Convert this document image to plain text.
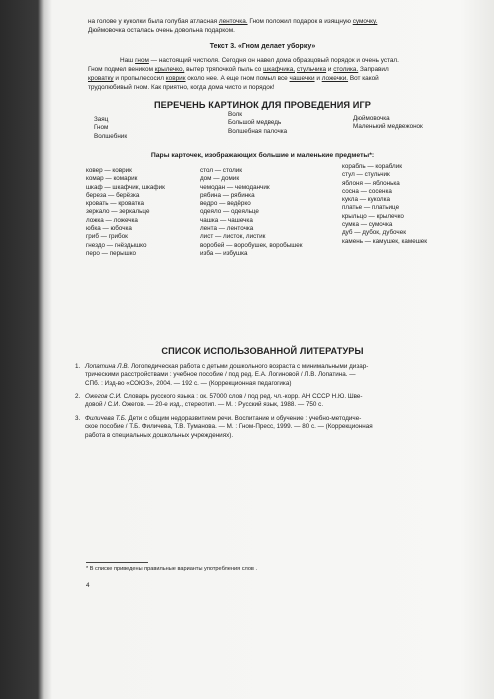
на голове у куколки была голубая атласная ленточка. Гном положил подарок в изящную сумочку.
Дюймовочка осталась очень довольна подарком.
Текст 3. «Гном делает уборку»
Наш гном — настоящий чистюля. Сегодня он навел дома образцовый порядок и очень устал.
Гном подмел веником крылечко, вытер тряпочкой пыль со шкафчика, стульчика и столика. Заправил
кроватку и пропылесосил коврик около нее. А еще гном помыл все чашечки и ложечки. Вот какой
трудолюбивый гном. Как приятно, когда дома чисто и порядок!
ПЕРЕЧЕНЬ КАРТИНОК ДЛЯ ПРОВЕДЕНИЯ ИГР
Заяц
Гном
Волшебник
Волк
Большой медведь
Волшебная палочка
Дюймовочка
Маленький медвежонок
Пары карточек, изображающих большие и маленькие предметы*:
ковер — коврик
комар — комарик
шкаф — шкафчик, шкафик
береза — берёзка
кровать — кроватка
зеркало — зеркальце
ложка — ложечка
юбка — юбочка
гриб — грибок
гнездо — гнёздышко
перо — перышко
стол — столик
дом — домик
чемодан — чемоданчик
рябина — рябинка
ведро — ведёрко
одеяло — одеяльце
чашка — чашечка
лента — ленточка
лист — листок, листик
воробей — воробушек, воробышек
изба — избушка
корабль — кораблик
стул — стульчик
яблоня — яблонька
сосна — сосенка
кукла — куколка
платье — платьице
крыльцо — крылечко
сумка — сумочка
дуб — дубок, дубочек
камень — камушек, камешек
СПИСОК ИСПОЛЬЗОВАННОЙ ЛИТЕРАТУРЫ
1. Лопатина Л.В. Логопедическая работа с детьми дошкольного возраста с минимальными дизар-
трическими расстройствами : учебное пособие / под ред. Е.А. Логиновой / Л.В. Лопатина. —
СПб. : Изд-во «СОЮЗ», 2004. — 192 с. — (Коррекционная педагогика)
2. Ожегов С.И. Словарь русского языка : ок. 57000 слов / под ред. чл.-корр. АН СССР Н.Ю. Шве-
довой / С.И. Ожегов. — 20-е изд., стереотип. — М. : Русский язык, 1988. — 750 с.
3. Филичева Т.Б. Дети с общим недоразвитием речи. Воспитание и обучение : учебно-методиче-
ское пособие / Т.Б. Филичева, Т.В. Туманова. — М. : Гном-Пресс, 1999. — 80 с. — (Коррекционная
работа в специальных дошкольных учреждениях).
* В списке приведены правильные варианты употребления слов .
4
